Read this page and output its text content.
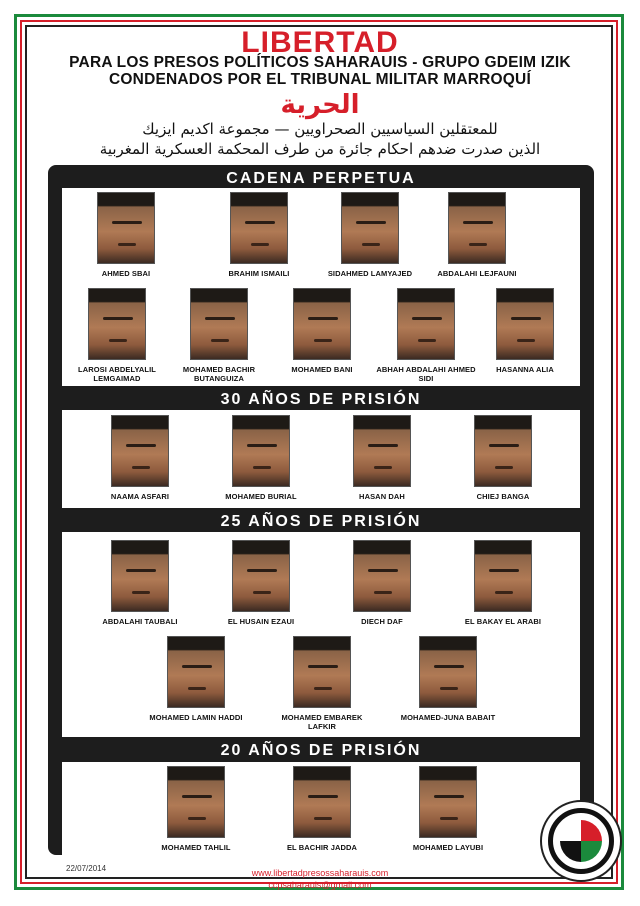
LIBERTAD
PARA LOS PRESOS POLÍTICOS SAHARAUIS - GRUPO GDEIM IZIK
CONDENADOS POR EL TRIBUNAL MILITAR MARROQUÍ
الحرية
للمعتقلين السياسيين الصحراويين — مجموعة اكديم ايزيك
الذين صدرت ضدهم احكام جائرة من طرف المحكمة العسكرية المغربية
CADENA PERPETUA
AHMED SBAI	BRAHIM ISMAILI	SIDAHMED LAMYAJED	ABDALAHI LEJFAUNI
LAROSI ABDELYALIL LEMGAIMAD
MOHAMED BACHIR BUTANGUIZA
MOHAMED BANI	ABHAH ABDALAHI AHMED SIDI
HASANNA ALIA
30 AÑOS DE PRISIÓN
NAAMA ASFARI	MOHAMED BURIAL	HASAN DAH	CHIEJ BANGA
25 AÑOS DE PRISIÓN
ABDALAHI TAUBALI	EL HUSAIN EZAUI	DIECH DAF	EL BAKAY EL ARABI
MOHAMED LAMIN HADDI	MOHAMED EMBAREK LAFKIR
MOHAMED-JUNA BABAIT
20 AÑOS DE PRISIÓN
MOHAMED TAHLIL	EL BACHIR JADDA	MOHAMED LAYUBI
22/07/2014	www.libertadpresossaharauis.com
ccpsaharauis@gmail.com
